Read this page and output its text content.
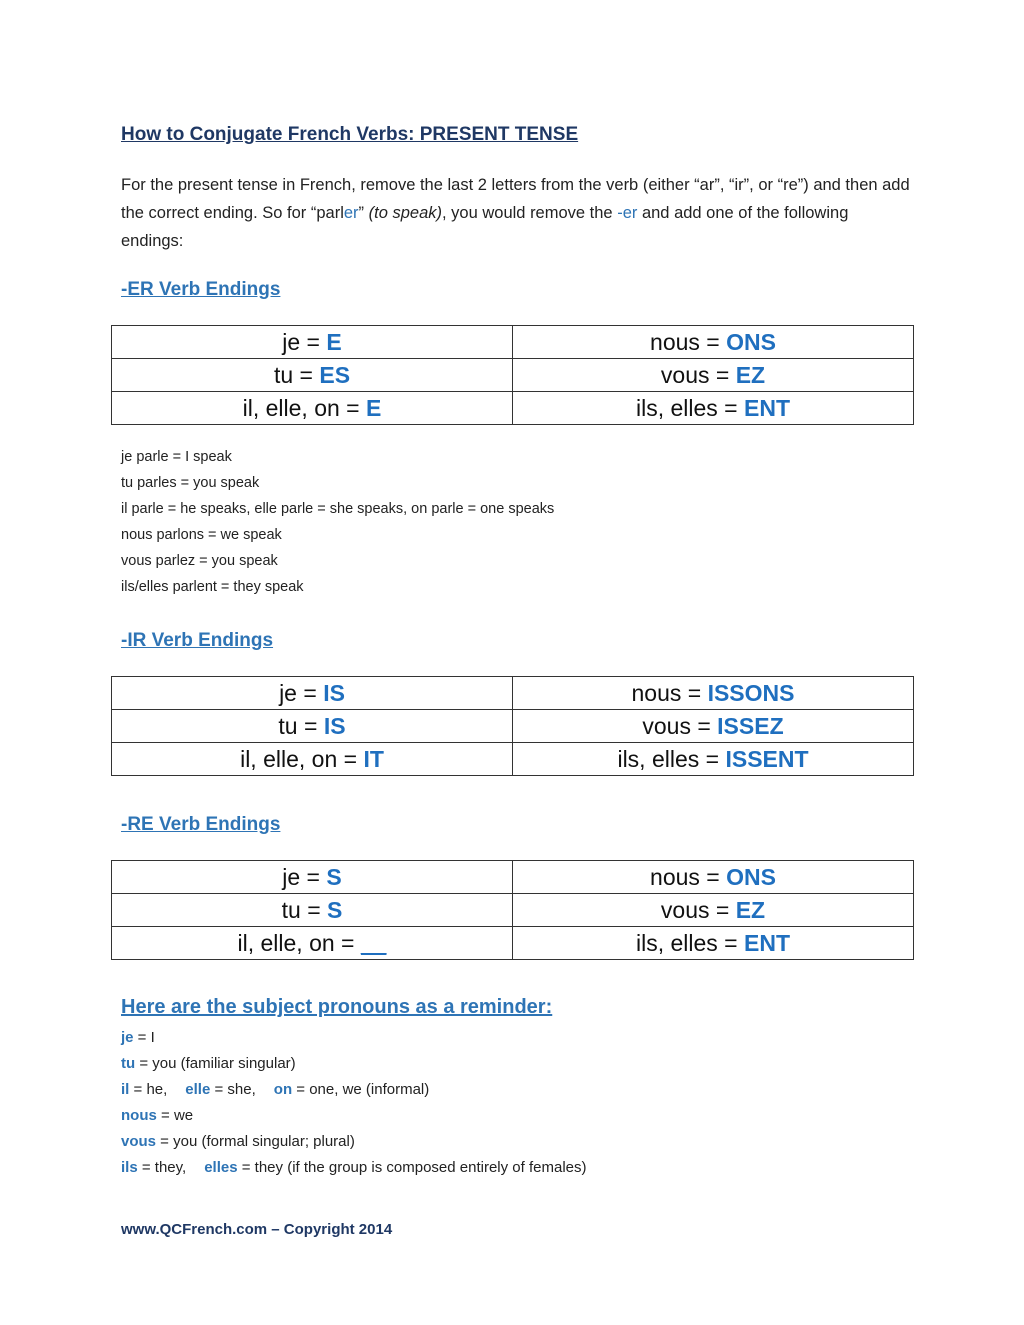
How to Conjugate French Verbs: PRESENT TENSE

For the present tense in French, remove the last 2 letters from the verb (either “ar”, “ir”, or “re”) and then add the correct ending. So for “parler” (to speak), you would remove the -er and add one of the following endings:

-ER Verb Endings
je = E	nous = ONS
tu = ES	vous = EZ
il, elle, on = E	ils, elles = ENT
je parle = I speak
tu parles = you speak
il parle = he speaks, elle parle = she speaks, on parle = one speaks
nous parlons = we speak
vous parlez = you speak
ils/elles parlent = they speak
-IR Verb Endings
je = IS	nous = ISSONS
tu = IS	vous = ISSEZ
il, elle, on = IT	ils, elles = ISSENT
-RE Verb Endings
je = S	nous = ONS
tu = S	vous = EZ
il, elle, on = __	ils, elles = ENT
Here are the subject pronouns as a reminder:
je = I
tu = you (familiar singular)
il = he, elle = she, on = one, we (informal)
nous = we
vous = you (formal singular; plural)
ils = they, elles = they (if the group is composed entirely of females)

www.QCFrench.com – Copyright 2014
